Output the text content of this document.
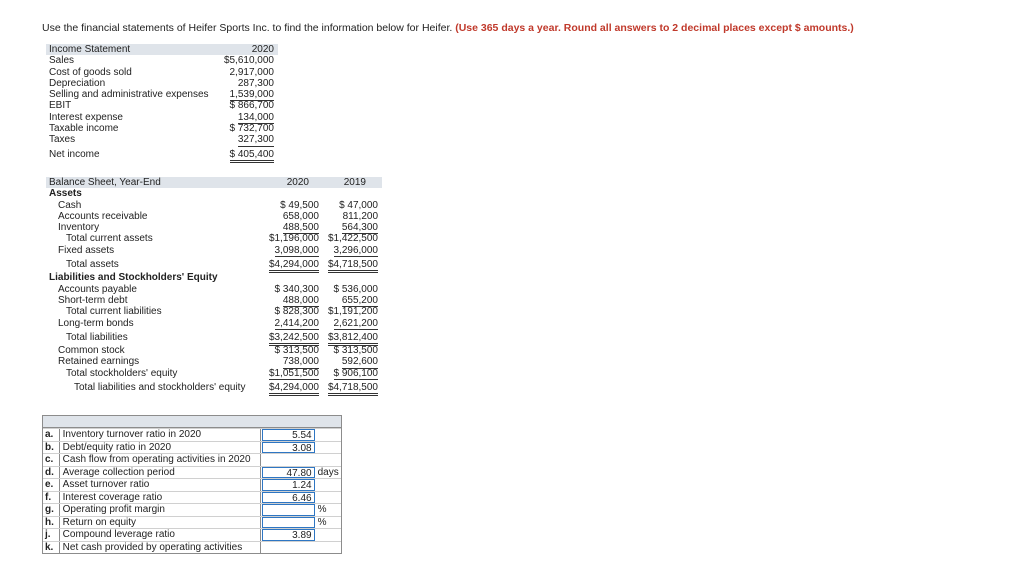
Use the financial statements of Heifer Sports Inc. to find the information below for Heifer. (Use 365 days a year. Round all answers to 2 decimal places except $ amounts.)
Income Statement	2020
Sales	$5,610,000
Cost of goods sold	2,917,000
Depreciation	287,300
Selling and administrative expenses 1,539,000
EBIT	$ 866,700
Interest expense	134,000
Taxable income	$ 732,700
Taxes	327,300
Net income	$ 405,400
Balance Sheet, Year-End	2020	2019
Assets
Cash	$ 49,500 $ 47,000
Accounts receivable	658,000 811,200
Inventory	488,500 564,300
Total current assets	$1,196,000 $1,422,500
Fixed assets	3,098,000 3,296,000
Total assets	$4,294,000 $4,718,500
Liabilities and Stockholders' Equity
Accounts payable	$ 340,300 $ 536,000
Short-term debt	488,000 655,200
Total current liabilities	$ 828,300 $1,191,200
Long-term bonds	2,414,200 2,621,200
Total liabilities	$3,242,500 $3,812,400
Common stock	$ 313,500 $ 313,500
Retained earnings	738,000 592,600
Total stockholders' equity	$1,051,500 $ 906,100
Total liabilities and stockholders' equity $4,294,000 $4,718,500
a. Inventory turnover ratio in 2020	5.54
b. Debt/equity ratio in 2020	3.08
c. Cash flow from operating activities in 2020
d. Average collection period	47.80 days
e. Asset turnover ratio	1.24
f.	Interest coverage ratio	6.46
g. Operating profit margin	%
h. Return on equity	%
j.	Compound leverage ratio	3.89
k. Net cash provided by operating activities
